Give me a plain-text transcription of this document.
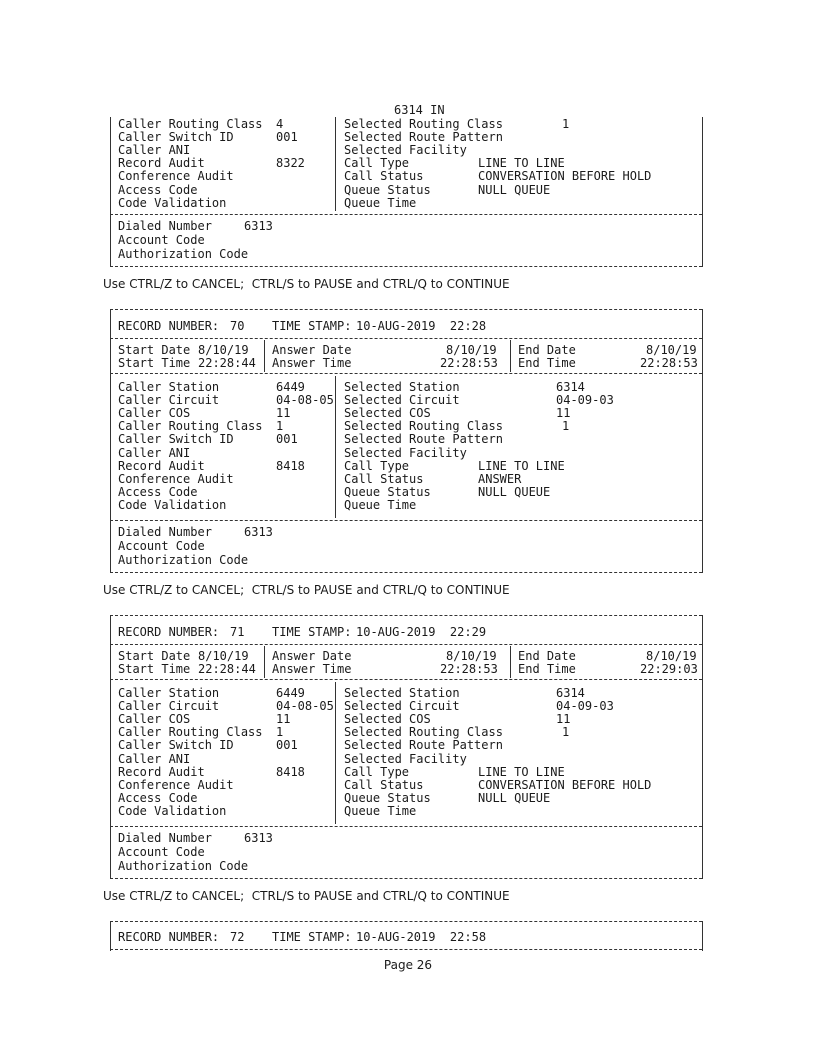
6314 IN
Caller Routing Class 4
Caller Switch ID	001
Caller ANI
Record Audit	8322
Conference Audit
Access Code
Code Validation
Selected Routing Class	1
Selected Route Pattern
Selected Facility
Call Type	LINE TO LINE
Call Status	CONVERSATION BEFORE HOLD
Queue Status	NULL QUEUE
Queue Time
Dialed Number	6313
Account Code
Authorization Code
Use CTRL/Z to CANCEL;  CTRL/S to PAUSE and CTRL/Q to CONTINUE
RECORD NUMBER: 70 TIME STAMP: 10-AUG-2019  22:28
Start Date 8/10/19
Start Time 22:28:44
Answer Date	8/10/19
Answer Time	22:28:53
End Date	8/10/19
End Time	22:28:53
Caller Station	6449
Caller Circuit	04-08-05
Caller COS	11
Caller Routing Class 1
Caller Switch ID	001
Caller ANI
Record Audit	8418
Conference Audit
Access Code
Code Validation
Selected Station	6314
Selected Circuit	04-09-03
Selected COS	11
Selected Routing Class	1
Selected Route Pattern
Selected Facility
Call Type	LINE TO LINE
Call Status	ANSWER
Queue Status	NULL QUEUE
Queue Time
Dialed Number	6313
Account Code
Authorization Code
Use CTRL/Z to CANCEL;  CTRL/S to PAUSE and CTRL/Q to CONTINUE
RECORD NUMBER: 71 TIME STAMP: 10-AUG-2019  22:29
Start Date 8/10/19
Start Time 22:28:44
Answer Date	8/10/19
Answer Time	22:28:53
End Date	8/10/19
End Time	22:29:03
Caller Station	6449
Caller Circuit	04-08-05
Caller COS	11
Caller Routing Class 1
Caller Switch ID	001
Caller ANI
Record Audit	8418
Conference Audit
Access Code
Code Validation
Selected Station	6314
Selected Circuit	04-09-03
Selected COS	11
Selected Routing Class	1
Selected Route Pattern
Selected Facility
Call Type	LINE TO LINE
Call Status	CONVERSATION BEFORE HOLD
Queue Status	NULL QUEUE
Queue Time
Dialed Number	6313
Account Code
Authorization Code
Use CTRL/Z to CANCEL;  CTRL/S to PAUSE and CTRL/Q to CONTINUE
RECORD NUMBER: 72 TIME STAMP: 10-AUG-2019  22:58
Page 26
